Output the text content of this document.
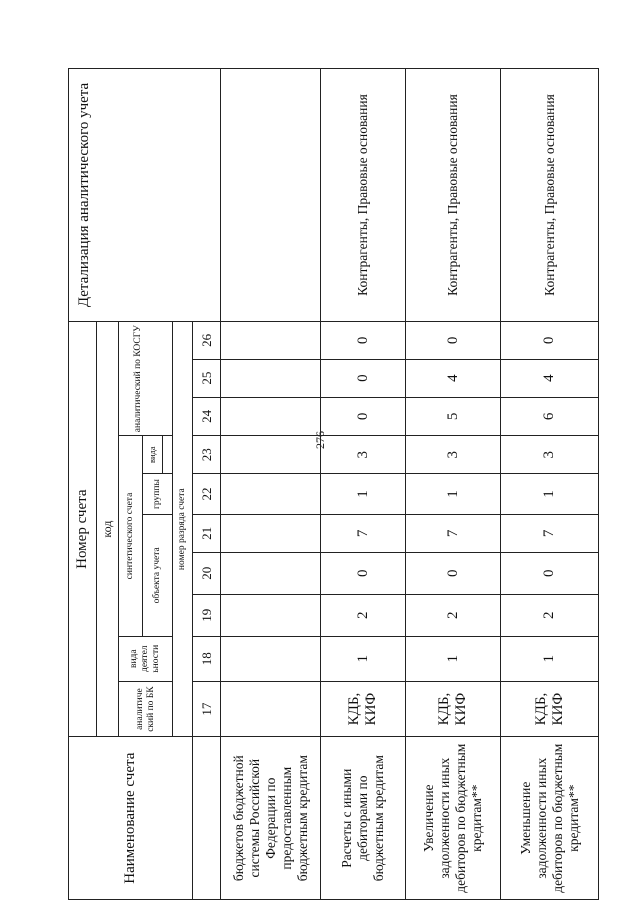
276
Наименование счета	Номер счета										Детализация аналитического учета
	код										
	аналитиче ский по БК	вида деятел ьности	синтетического счета					аналитический по КОСГУ			
			объекта учета			группы	вида				

	номер разряда счета										
	17	18	19	20	21	22	23	24	25	26	
бюджетов бюджетной системы Российской Федерации по предоставленным бюджетным кредитам											
Расчеты с иными дебиторами по бюджетным кредитам	КДБ, КИФ	1	2	0	7	1	3	0	0	0	Контрагенты, Правовые основания
Увеличение задолженности иных дебиторов по бюджетным кредитам**	КДБ, КИФ	1	2	0	7	1	3	5	4	0	Контрагенты, Правовые основания
Уменьшение задолженности иных дебиторов по бюджетным кредитам**	КДБ, КИФ	1	2	0	7	1	3	6	4	0	Контрагенты, Правовые основания
